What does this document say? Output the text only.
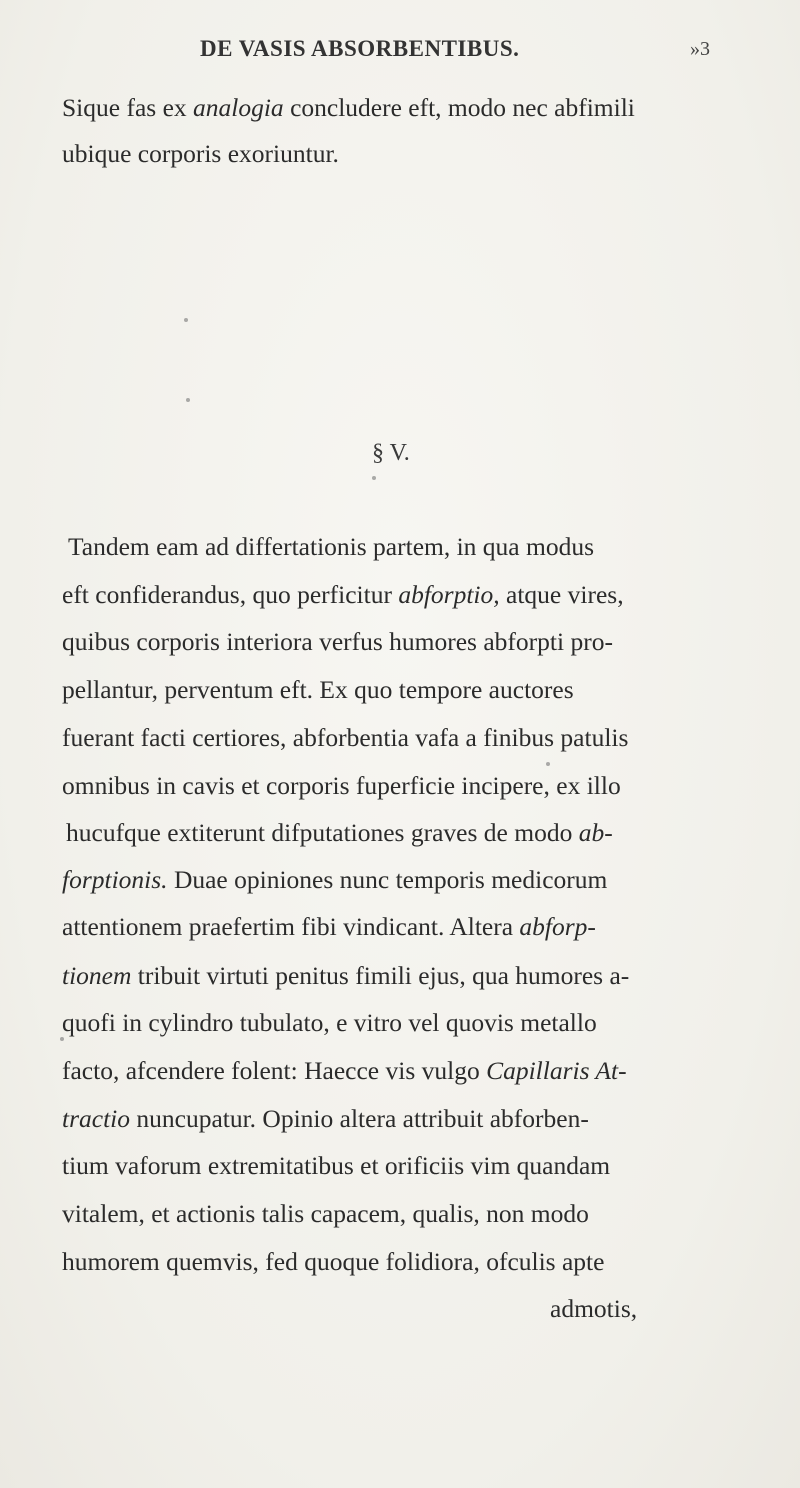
DE VASIS ABSORBENTIBUS.	»3
Sique fas ex analogia concludere eft, modo nec abfimili
ubique corporis exoriuntur.
§ V.
Tandem eam ad differtationis partem, in qua modus
eft confiderandus, quo perficitur abforptio, atque vires,
quibus corporis interiora verfus humores abforpti pro-
pellantur, perventum eft. Ex quo tempore auctores
fuerant facti certiores, abforbentia vafa a finibus patulis
omnibus in cavis et corporis fuperficie incipere, ex illo
hucufque extiterunt difputationes graves de modo ab-
forptionis. Duae opiniones nunc temporis medicorum
attentionem praefertim fibi vindicant. Altera abforp-
tionem tribuit virtuti penitus fimili ejus, qua humores a-
quofi in cylindro tubulato, e vitro vel quovis metallo
facto, afcendere folent: Haecce vis vulgo Capillaris At-
tractio nuncupatur. Opinio altera attribuit abforben-
tium vaforum extremitatibus et orificiis vim quandam
vitalem, et actionis talis capacem, qualis, non modo
humorem quemvis, fed quoque folidiora, ofculis apte
admotis,
